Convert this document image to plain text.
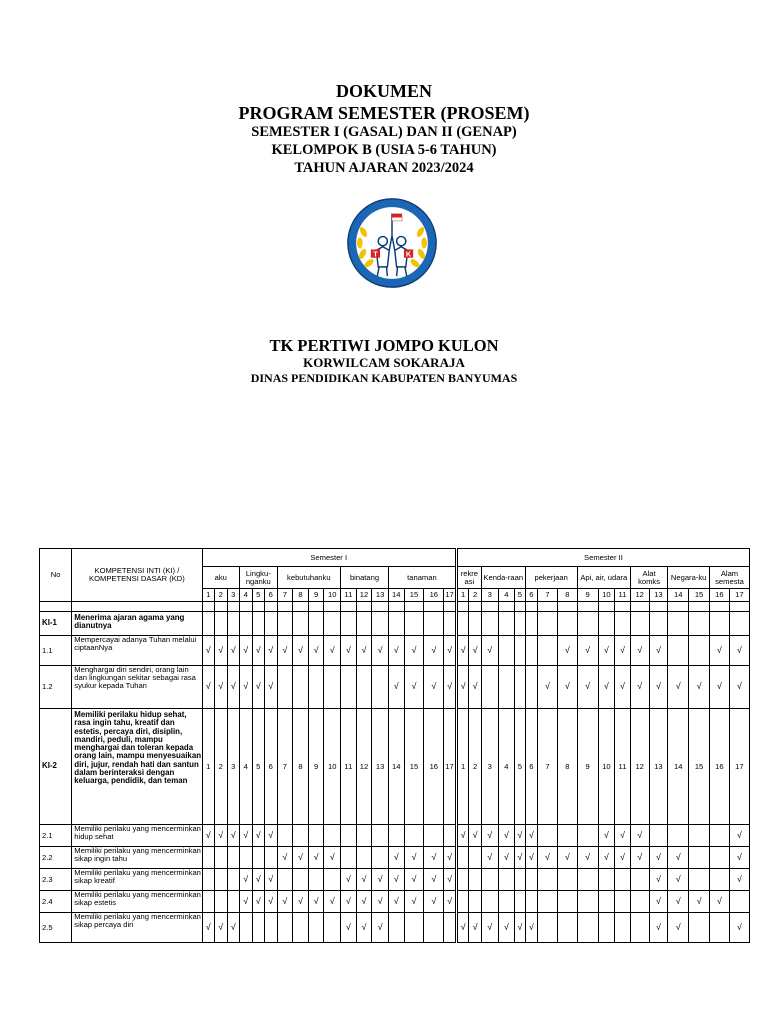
DOKUMEN
PROGRAM SEMESTER (PROSEM)
SEMESTER I (GASAL) DAN II (GENAP)
KELOMPOK B (USIA 5-6 TAHUN)
TAHUN AJARAN 2023/2024
T	K
TK PERTIWI JOMPO KULON
KORWILCAM SOKARAJA
DINAS PENDIDIKAN KABUPATEN BANYUMAS
No	KOMPETENSI INTI (KI) / KOMPETENSI DASAR (KD)	Semester I																	Semester II																
		aku			Lingku-nganku			kebutuhanku				binatang			tanaman				rekre asi		Kenda-raan			pekerjaan			Api, air, udara			Alat komks		Negara-ku		Alam semesta	
		1	2	3	4	5	6	7	8	9	10	11	12	13	14	15	16	17	1	2	3	4	5	6	7	8	9	10	11	12	13	14	15	16	17

KI-1	Menerima ajaran agama yang dianutnya																																		
1.1	Mempercayai adanya Tuhan melalui ciptaanNya	√	√	√	√	√	√	√	√	√	√	√	√	√	√	√	√	√	√	√	√					√	√	√	√	√	√			√	√
1.2	Menghargai diri sendiri, orang lain dan lingkungan sekitar sebagai rasa syukur kepada Tuhan	√	√	√	√	√	√								√	√	√	√	√	√					√	√	√	√	√	√	√	√	√	√	√
KI-2	Memiliki perilaku hidup sehat, rasa ingin tahu, kreatif dan estetis, percaya diri, disiplin, mandiri, peduli, mampu menghargai dan toleran kepada orang lain, mampu menyesuaikan diri, jujur, rendah hati dan santun dalam berinteraksi dengan keluarga, pendidik, dan teman	1	2	3	4	5	6	7	8	9	10	11	12	13	14	15	16	17	1	2	3	4	5	6	7	8	9	10	11	12	13	14	15	16	17
2.1	Memiliki perilaku yang mencerminkan hidup sehat	√	√	√	√	√	√												√	√	√	√	√	√				√	√	√					√
2.2	Memiliki perilaku yang mencerminkan sikap ingin tahu							√	√	√	√				√	√	√	√			√	√	√	√	√	√	√	√	√	√	√	√			√
2.3	Memiliki perilaku yang mencerminkan sikap kreatif				√	√	√					√	√	√	√	√	√	√													√	√			√
2.4	Memiliki perilaku yang mencerminkan sikap estetis				√	√	√	√	√	√	√	√	√	√	√	√	√	√													√	√	√	√	
2.5	Memiliki perilaku yang mencerminkan sikap percaya diri	√	√	√								√	√	√					√	√	√	√	√	√							√	√			√
